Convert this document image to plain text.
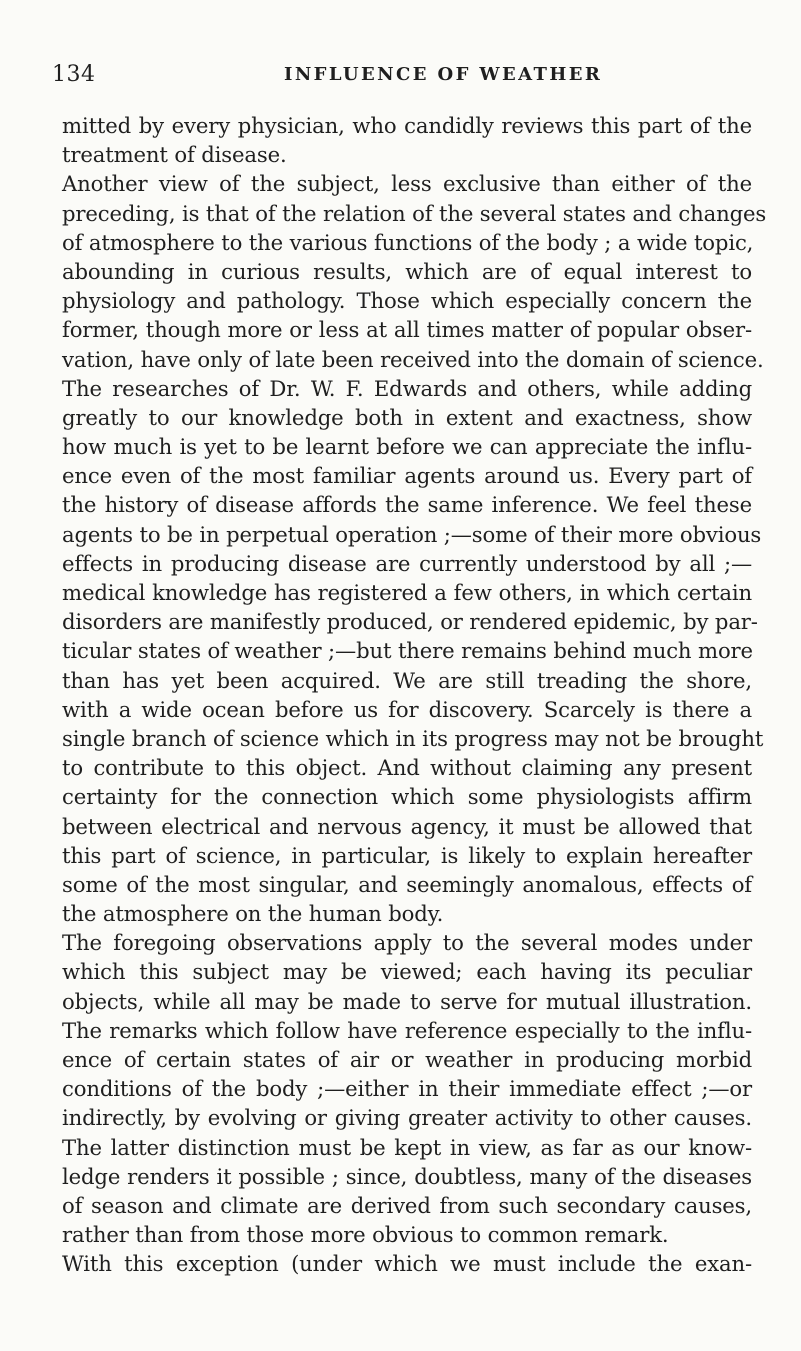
134	INFLUENCE OF WEATHER
mitted by every physician, who candidly reviews this part of the
treatment of disease.
Another view of the subject, less exclusive than either of the
preceding, is that of the relation of the several states and changes
of atmosphere to the various functions of the body ; a wide topic,
abounding in curious results, which are of equal interest to
physiology and pathology. Those which especially concern the
former, though more or less at all times matter of popular obser-
vation, have only of late been received into the domain of science.
The researches of Dr. W. F. Edwards and others, while adding
greatly to our knowledge both in extent and exactness, show
how much is yet to be learnt before we can appreciate the influ-
ence even of the most familiar agents around us. Every part of
the history of disease affords the same inference. We feel these
agents to be in perpetual operation ;—some of their more obvious
effects in producing disease are currently understood by all ;—
medical knowledge has registered a few others, in which certain
disorders are manifestly produced, or rendered epidemic, by par-
ticular states of weather ;—but there remains behind much more
than has yet been acquired. We are still treading the shore,
with a wide ocean before us for discovery. Scarcely is there a
single branch of science which in its progress may not be brought
to contribute to this object. And without claiming any present
certainty for the connection which some physiologists affirm
between electrical and nervous agency, it must be allowed that
this part of science, in particular, is likely to explain hereafter
some of the most singular, and seemingly anomalous, effects of
the atmosphere on the human body.
The foregoing observations apply to the several modes under
which this subject may be viewed; each having its peculiar
objects, while all may be made to serve for mutual illustration.
The remarks which follow have reference especially to the influ-
ence of certain states of air or weather in producing morbid
conditions of the body ;—either in their immediate effect ;—or
indirectly, by evolving or giving greater activity to other causes.
The latter distinction must be kept in view, as far as our know-
ledge renders it possible ; since, doubtless, many of the diseases
of season and climate are derived from such secondary causes,
rather than from those more obvious to common remark.
With this exception (under which we must include the exan-
